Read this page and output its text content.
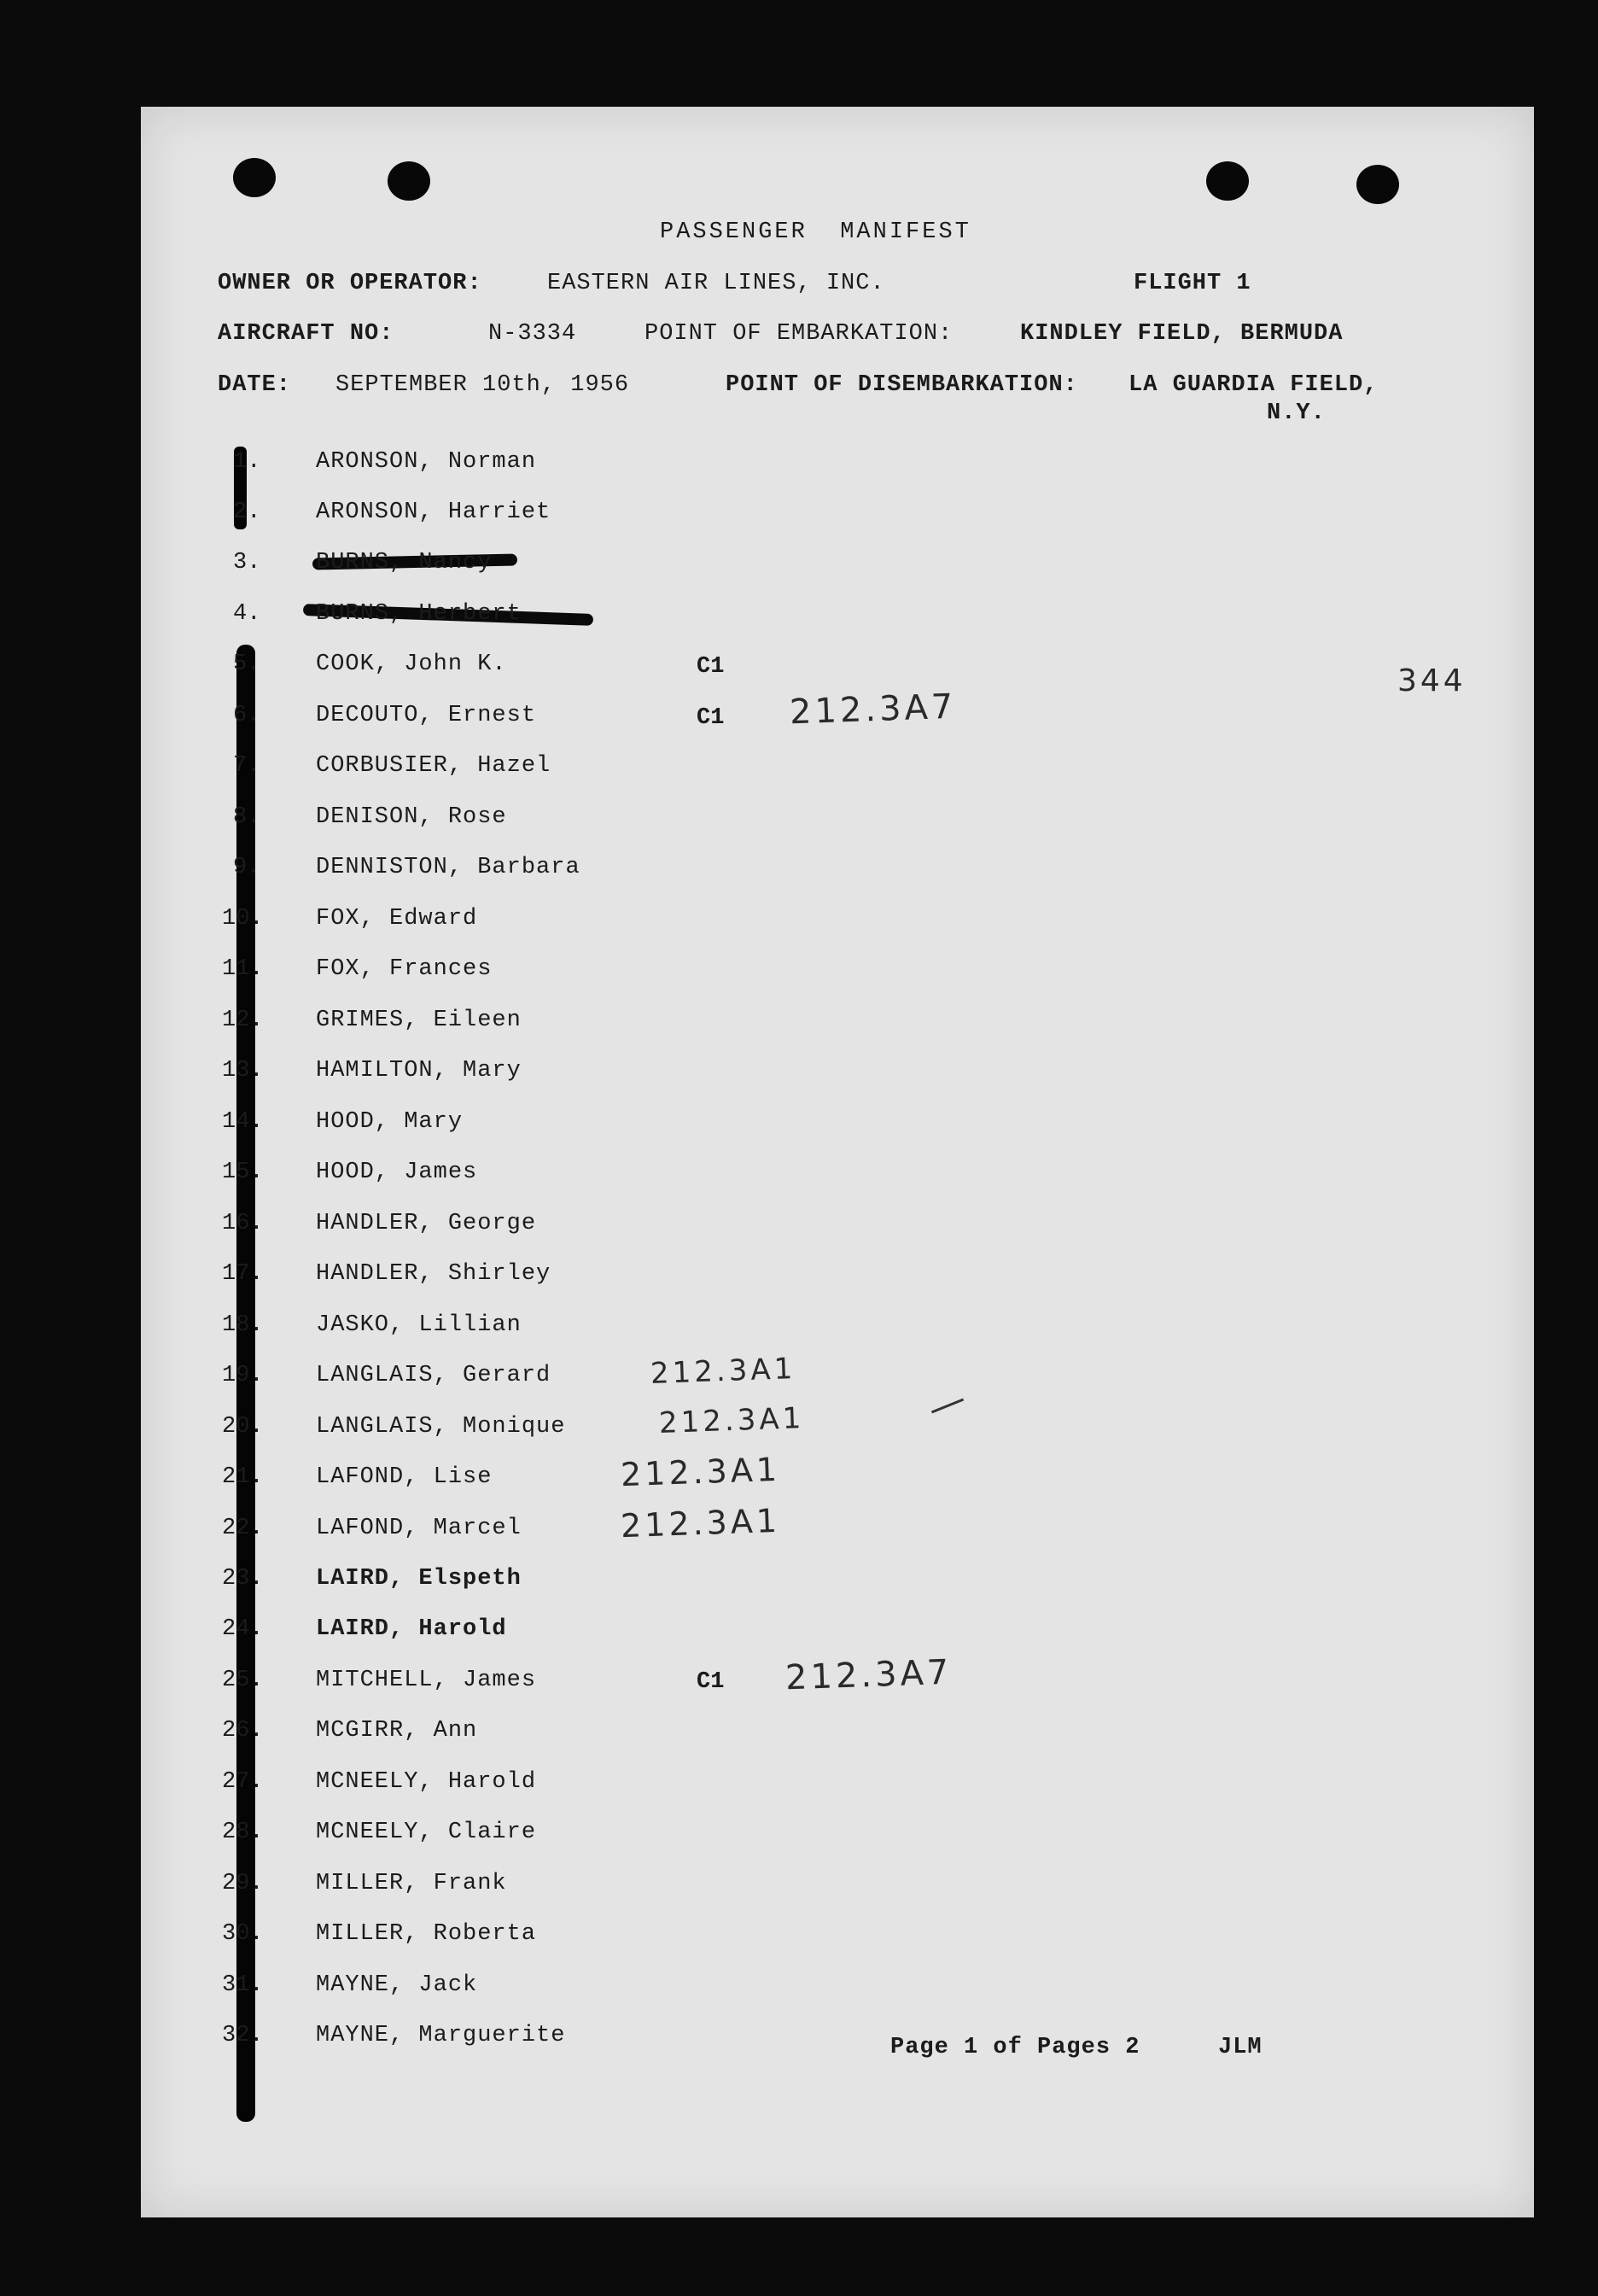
PASSENGER  MANIFEST
OWNER OR OPERATOR:	EASTERN AIR LINES, INC.	FLIGHT 1
AIRCRAFT NO:	N-3334	POINT OF EMBARKATION:	KINDLEY FIELD, BERMUDA
DATE: SEPTEMBER 10th, 1956	POINT OF DISEMBARKATION: LA GUARDIA FIELD,
N.Y.
344
1. ARONSON, Norman
2. ARONSON, Harriet
3. BURNS, Nancy
4. BURNS, Herbert
5. COOK, John K.	C1
6. DECOUTO, Ernest	C1 212.3A7
7. CORBUSIER, Hazel
8. DENISON, Rose
9. DENNISTON, Barbara
10. FOX, Edward
11. FOX, Frances
12. GRIMES, Eileen
13. HAMILTON, Mary
14. HOOD, Mary
15. HOOD, James
16. HANDLER, George
17. HANDLER, Shirley
18. JASKO, Lillian
19. LANGLAIS, Gerard	212.3A1
20. LANGLAIS, Monique	212.3A1
21. LAFOND, Lise	212.3A1
22. LAFOND, Marcel	212.3A1
23. LAIRD, Elspeth
24. LAIRD, Harold
25. MITCHELL, James	C1 212.3A7
26. MCGIRR, Ann
27. MCNEELY, Harold
28. MCNEELY, Claire
29. MILLER, Frank
30. MILLER, Roberta
31. MAYNE, Jack
32. MAYNE, Marguerite	Page 1 of Pages 2	JLM
